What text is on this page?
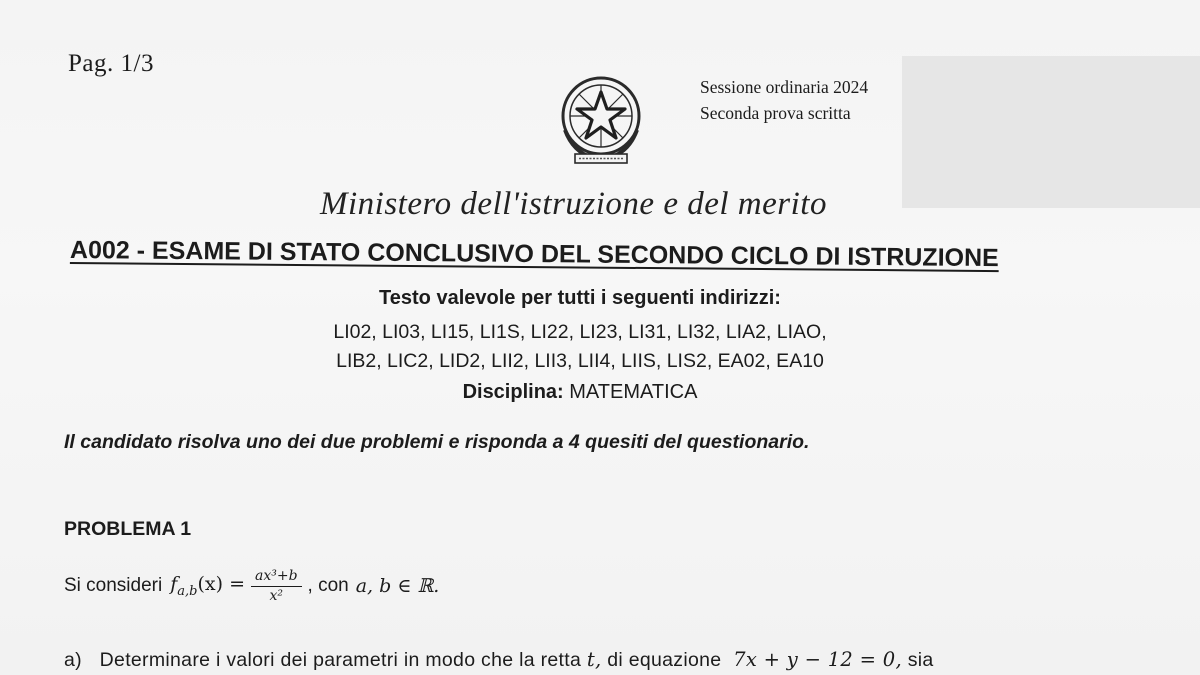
Pag. 1/3
Sessione ordinaria 2024
Seconda prova scritta
Ministero dell'istruzione e del merito
A002 - ESAME DI STATO CONCLUSIVO DEL SECONDO CICLO DI ISTRUZIONE
Testo valevole per tutti i seguenti indirizzi:
LI02, LI03, LI15, LI1S, LI22, LI23, LI31, LI32, LIA2, LIAO,
LIB2, LIC2, LID2, LII2, LII3, LII4, LIIS, LIS2, EA02, EA10
Disciplina: MATEMATICA
Il candidato risolva uno dei due problemi e risponda a 4 quesiti del questionario.
PROBLEMA 1
Si consideri $f_{a,b}(x) = \frac{\text{ax³+b}}{\text{x²}}$ , con a, b ∈ ℝ.
a) Determinare i valori dei parametri in modo che la retta t, di equazione 7x + y − 12 = 0, sia
